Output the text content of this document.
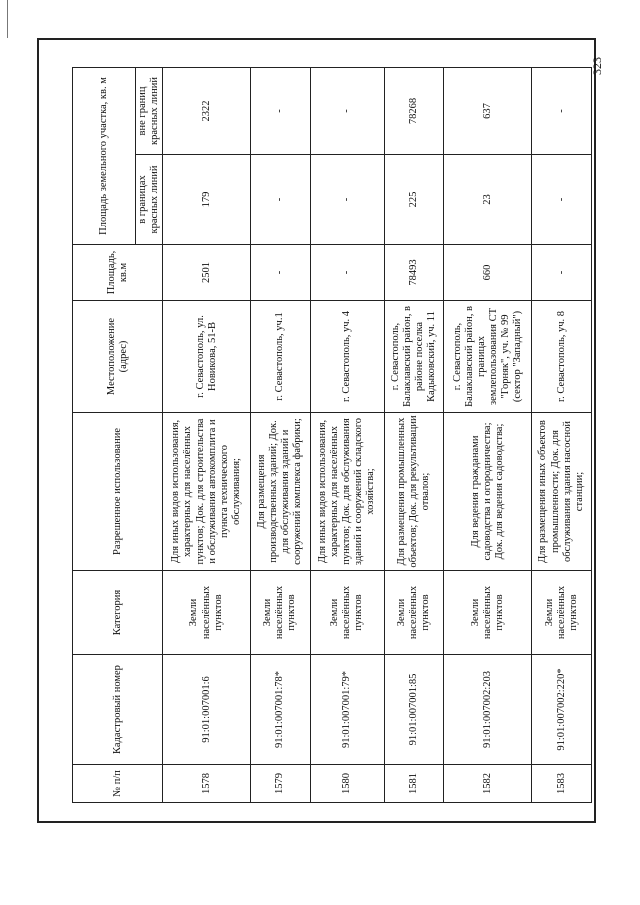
323
№ п/п	Кадастровый номер	Категория	Разрешенное использование	Местоположение (адрес)	Площадь, кв.м	Площадь земельного участка, кв. м	
						в границах красных линий	вне границ красных линий
1578	91:01:007001:6	Земли населённых пунктов	Для иных видов использования, характерных для населённых пунктов; Док. для строительства и обслуживания автокомплита и пункта технического обслуживания;	г. Севастополь, ул. Новикова, 51-В	2501	179	2322
1579	91:01:007001:78*	Земли населённых пунктов	Для размещения производственных зданий; Док. для обслуживания зданий и сооружений комплекса фабрики;	г. Севастополь, уч.1	-	-	-
1580	91:01:007001:79*	Земли населённых пунктов	Для иных видов использования, характерных для населённых пунктов; Док. для обслуживания зданий и сооружений складского хозяйства;	г. Севастополь, уч. 4	-	-	-
1581	91:01:007001:85	Земли населённых пунктов	Для размещения промышленных объектов; Док. для рекультивации отвалов;	г. Севастополь, Балаклавский район, в районе поселка Кадыковский, уч. 11	78493	225	78268
1582	91:01:007002:203	Земли населённых пунктов	Для ведения гражданами садоводства и огородничества; Док. для ведения садоводства;	г. Севастополь, Балаклавский район, в границах землепользования СТ "Горняк", уч. № 99 (сектор "Западный")	660	23	637
1583	91:01:007002:220*	Земли населённых пунктов	Для размещения иных объектов промышленности; Док. для обслуживания здания насосной станции;	г. Севастополь, уч. 8	-	-	-
